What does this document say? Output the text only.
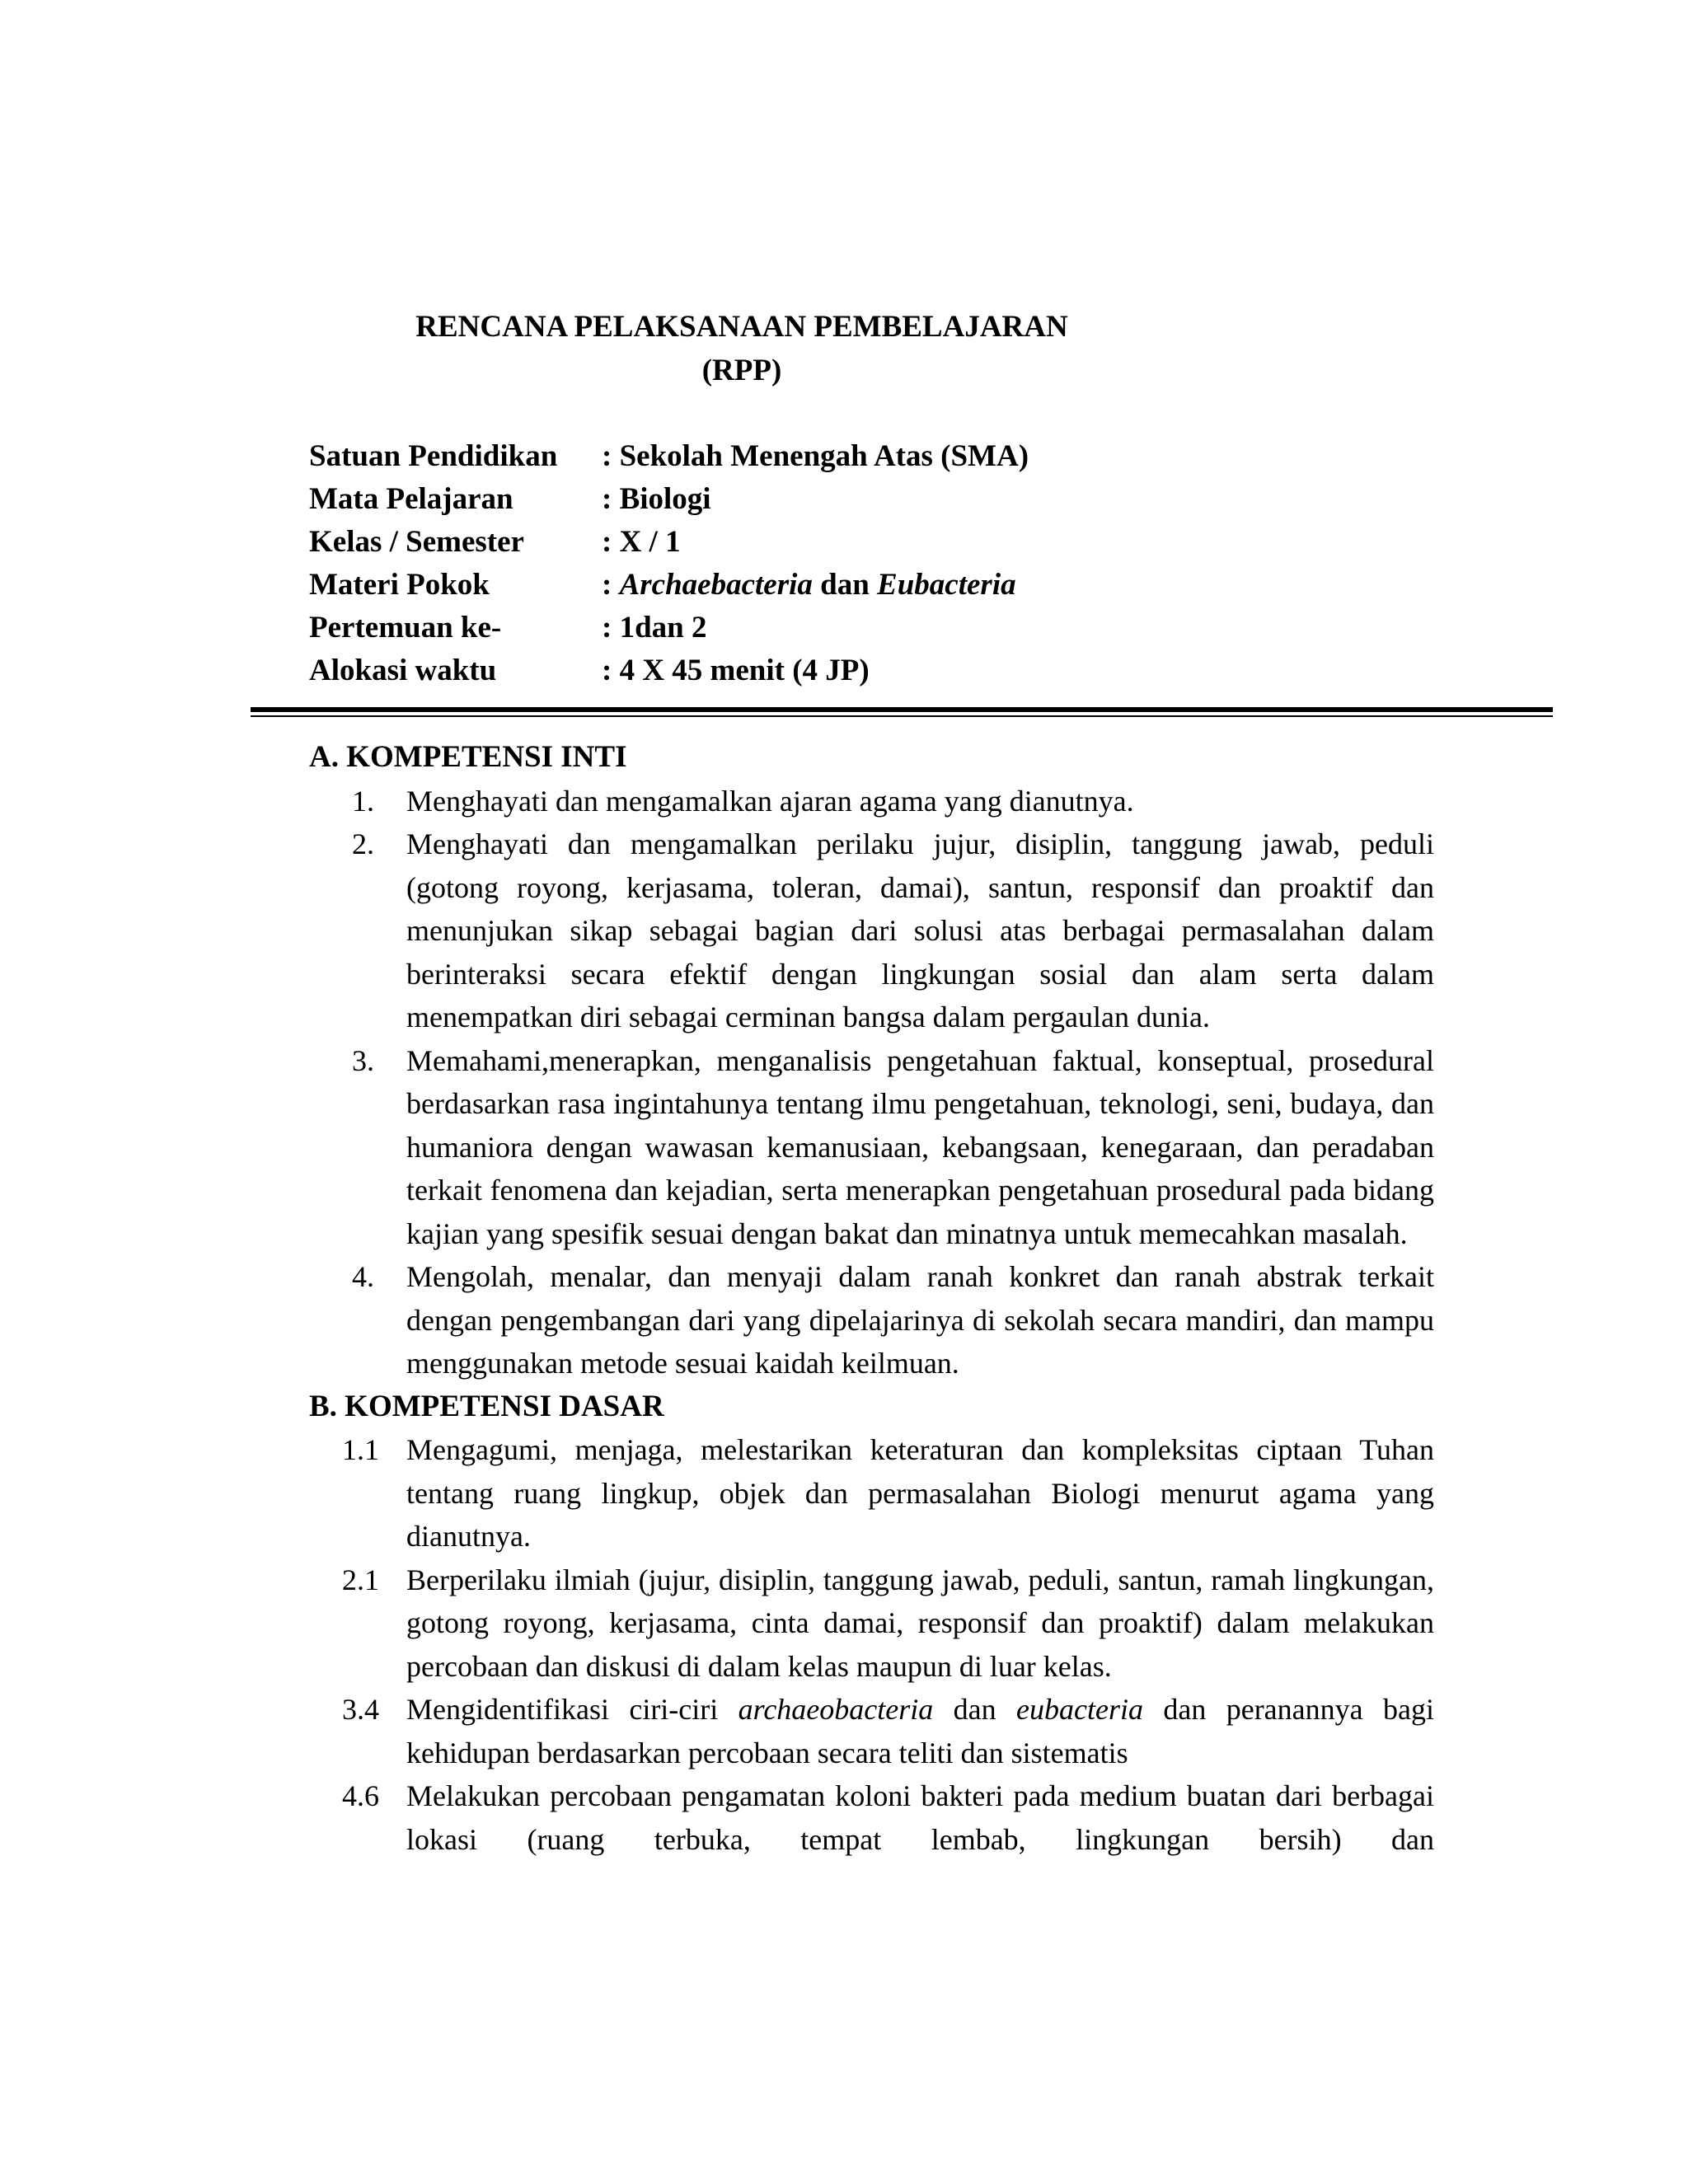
RENCANA PELAKSANAAN PEMBELAJARAN
(RPP)
Satuan Pendidikan : Sekolah Menengah Atas (SMA)
Mata Pelajaran	: Biologi
Kelas / Semester	: X / 1
Materi Pokok	: Archaebacteria dan Eubacteria
Pertemuan ke-	: 1dan 2
Alokasi waktu	: 4 X 45 menit (4 JP)
A. KOMPETENSI INTI
1. Menghayati dan mengamalkan ajaran agama yang dianutnya.
2. Menghayati dan mengamalkan perilaku jujur, disiplin, tanggung jawab, peduli (gotong royong, kerjasama, toleran, damai), santun, responsif dan proaktif dan menunjukan sikap sebagai bagian dari solusi atas berbagai permasalahan dalam berinteraksi secara efektif dengan lingkungan sosial dan alam serta dalam menempatkan diri sebagai cerminan bangsa dalam pergaulan dunia.
3. Memahami,menerapkan, menganalisis pengetahuan faktual, konseptual, prosedural berdasarkan rasa ingintahunya tentang ilmu pengetahuan, teknologi, seni, budaya, dan humaniora dengan wawasan kemanusiaan, kebangsaan, kenegaraan, dan peradaban terkait fenomena dan kejadian, serta menerapkan pengetahuan prosedural pada bidang kajian yang spesifik sesuai dengan bakat dan minatnya untuk memecahkan masalah.
4. Mengolah, menalar, dan menyaji dalam ranah konkret dan ranah abstrak terkait dengan pengembangan dari yang dipelajarinya di sekolah secara mandiri, dan mampu menggunakan metode sesuai kaidah keilmuan.
B. KOMPETENSI DASAR
1.1 Mengagumi, menjaga, melestarikan keteraturan dan kompleksitas ciptaan Tuhan tentang ruang lingkup, objek dan permasalahan Biologi menurut agama yang dianutnya.
2.1 Berperilaku ilmiah (jujur, disiplin, tanggung jawab, peduli, santun, ramah lingkungan, gotong royong, kerjasama, cinta damai, responsif dan proaktif) dalam melakukan percobaan dan diskusi di dalam kelas maupun di luar kelas.
3.4 Mengidentifikasi ciri-ciri archaeobacteria dan eubacteria dan peranannya bagi kehidupan berdasarkan percobaan secara teliti dan sistematis
4.6 Melakukan percobaan pengamatan koloni bakteri pada medium buatan dari berbagai lokasi (ruang terbuka, tempat lembab, lingkungan bersih) dan
